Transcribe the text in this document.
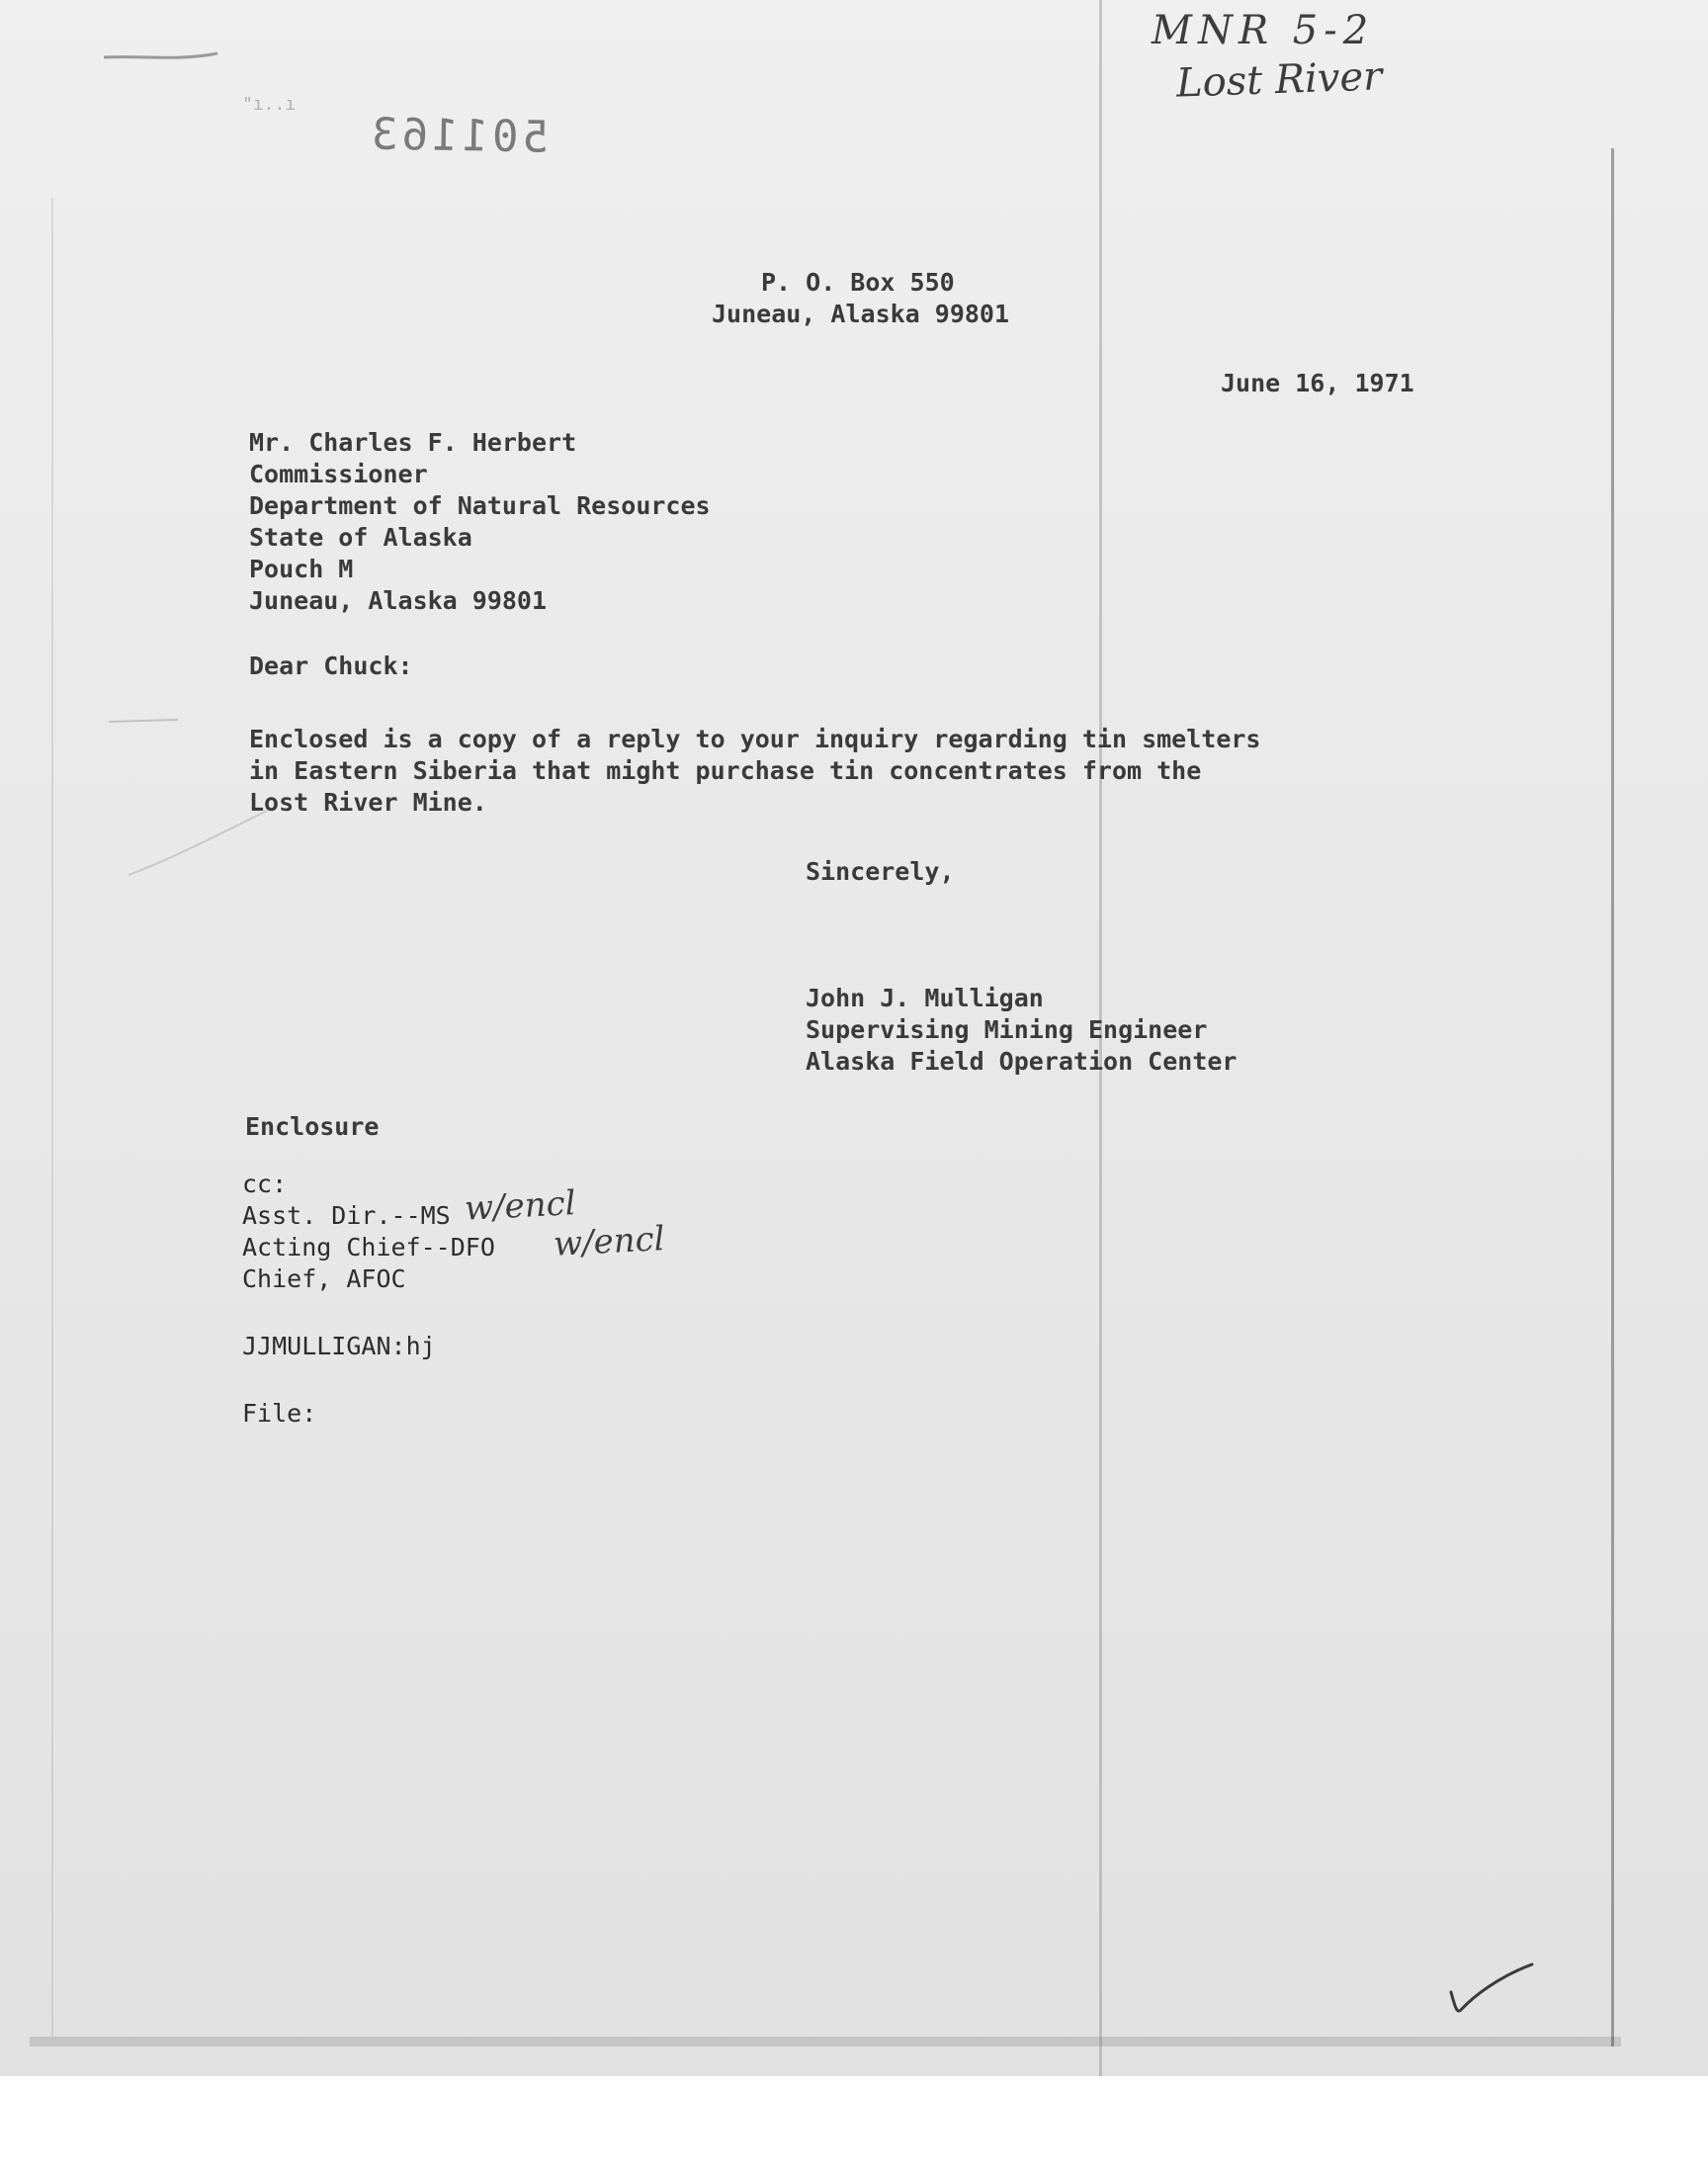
"ı..ı
501163
MNR 5-2
Lost River
P. O. Box 550
Juneau, Alaska 99801
June 16, 1971
Mr. Charles F. Herbert
Commissioner
Department of Natural Resources
State of Alaska
Pouch M
Juneau, Alaska 99801
Dear Chuck:
Enclosed is a copy of a reply to your inquiry regarding tin smelters
in Eastern Siberia that might purchase tin concentrates from the
Lost River Mine.
Sincerely,
John J. Mulligan
Supervising Mining Engineer
Alaska Field Operation Center
Enclosure
cc:
Asst. Dir.--MS
Acting Chief--DFO
Chief, AFOC
w/encl
w/encl
JJMULLIGAN:hj
File:
